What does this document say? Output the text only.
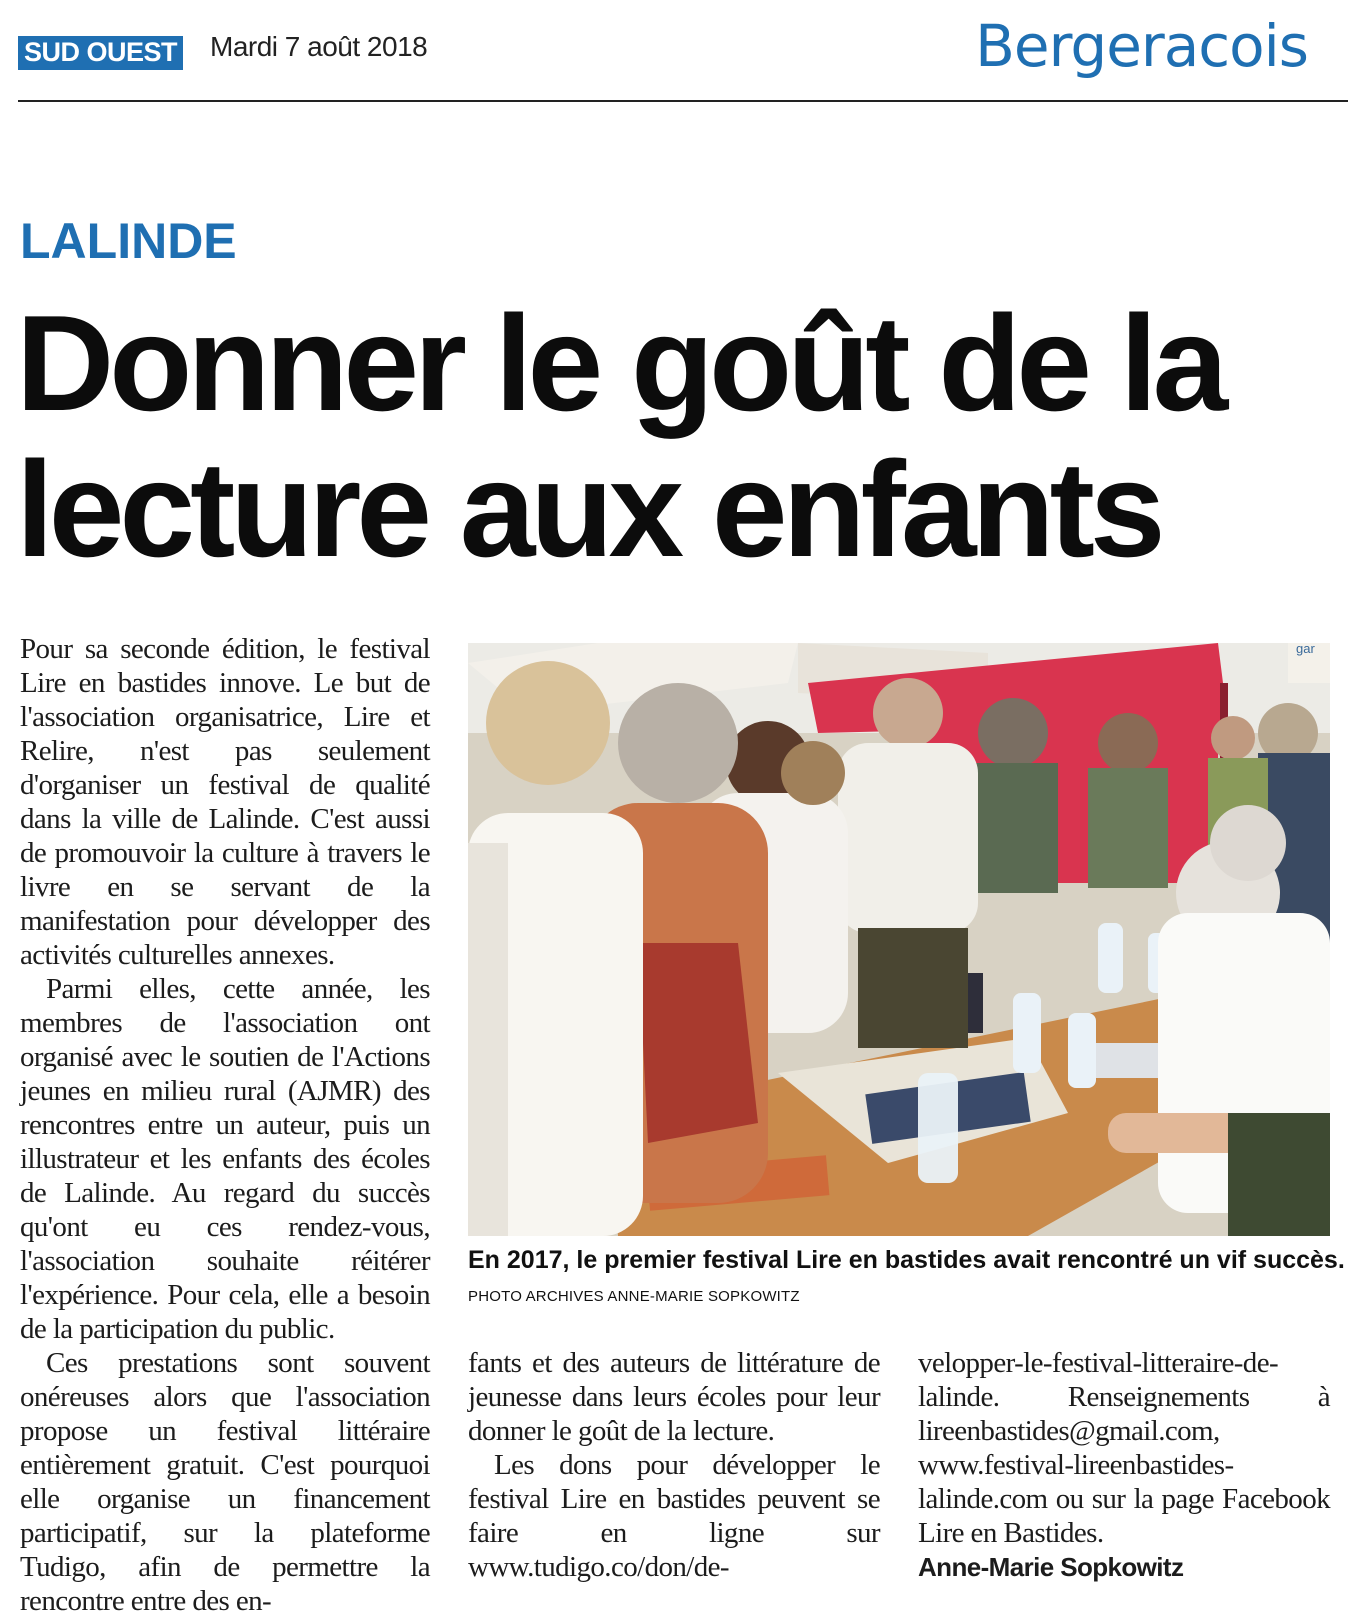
SUD OUEST Mardi 7 août 2018	Bergeracois
LALINDE
Donner le goût de la
lecture aux enfants

Pour sa seconde édition, le festival Lire en bastides innove. Le but de l'association organisatrice, Lire et Relire, n'est pas seulement d'organiser un festival de qualité dans la ville de Lalinde. C'est aussi de promouvoir la culture à travers le livre en se servant de la manifestation pour développer des activités culturelles annexes.

Parmi elles, cette année, les membres de l'association ont organisé avec le soutien de l'Actions jeunes en milieu rural (AJMR) des rencontres entre un auteur, puis un illustrateur et les enfants des écoles de Lalinde. Au regard du succès qu'ont eu ces rendez-vous, l'association souhaite réitérer l'expérience. Pour cela, elle a besoin de la participation du public.

Ces prestations sont souvent onéreuses alors que l'association propose un festival littéraire entièrement gratuit. C'est pourquoi elle organise un financement participatif, sur la plateforme Tudigo, afin de permettre la rencontre entre des en-

gar
En 2017, le premier festival Lire en bastides avait rencontré un vif succès. PHOTO ARCHIVES ANNE-MARIE SOPKOWITZ

fants et des auteurs de littérature de jeunesse dans leurs écoles pour leur donner le goût de la lecture.

Les dons pour développer le festival Lire en bastides peuvent se faire en ligne sur www.tudigo.co/don/de-

velopper-le-festival-litteraire-de-lalinde. Renseignements à lireenbastides@gmail.com, www.festival-lireenbastides-lalinde.com ou sur la page Facebook Lire en Bastides.

Anne-Marie Sopkowitz
